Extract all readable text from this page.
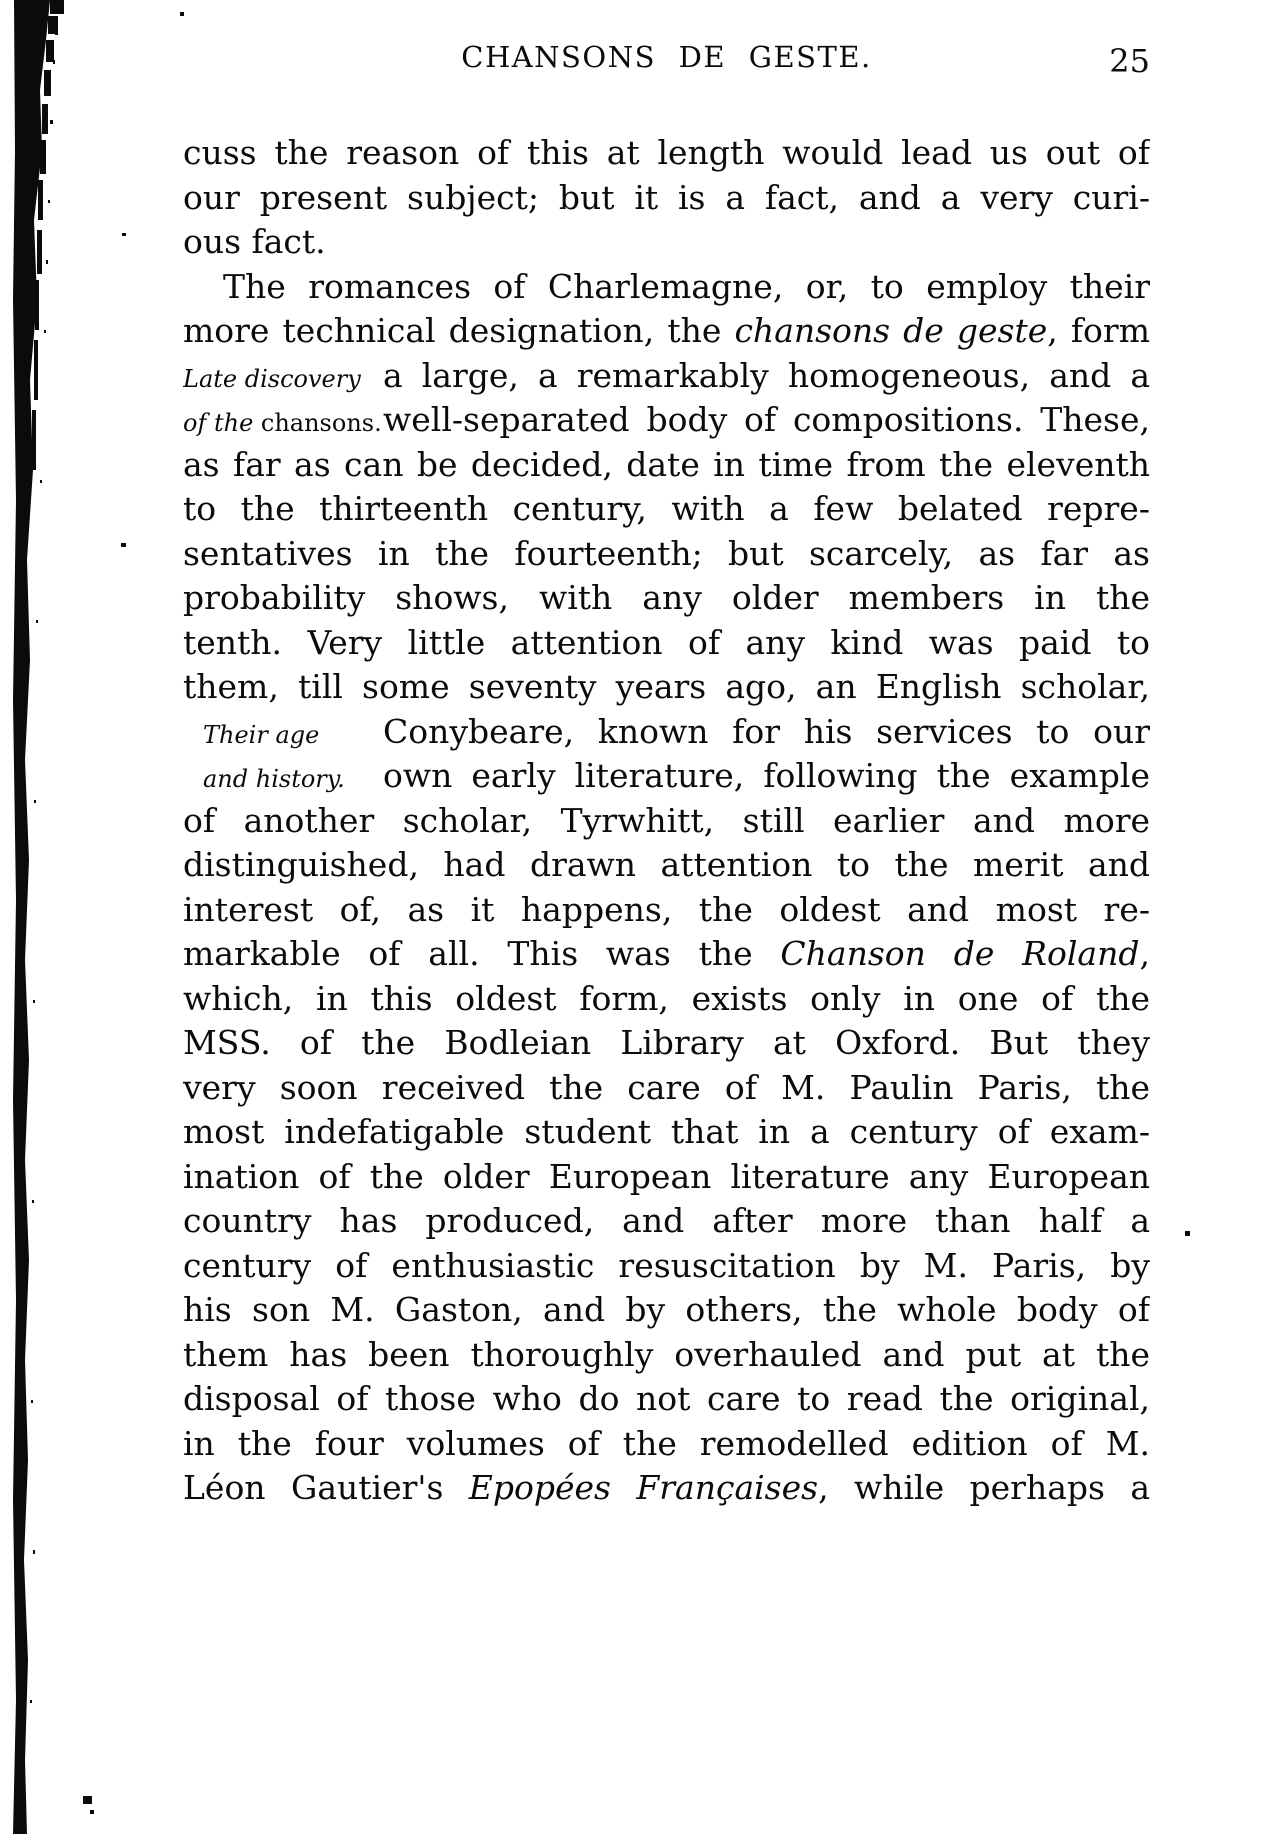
CHANSONS DE GESTE.	25
cuss the reason of this at length would lead us out of
our present subject; but it is a fact, and a very curi-
ous fact.
The romances of Charlemagne, or, to employ their
more technical designation, the chansons de geste, form
Late discovery a large, a remarkably homogeneous, and a
of the chansons. well-separated body of compositions. These,
as far as can be decided, date in time from the eleventh
to the thirteenth century, with a few belated repre-
sentatives in the fourteenth; but scarcely, as far as
probability shows, with any older members in the
tenth. Very little attention of any kind was paid to
them, till some seventy years ago, an English scholar,
Their age	Conybeare, known for his services to our
and history.	own early literature, following the example
of another scholar, Tyrwhitt, still earlier and more
distinguished, had drawn attention to the merit and
interest of, as it happens, the oldest and most re-
markable of all. This was the Chanson de Roland,
which, in this oldest form, exists only in one of the
MSS. of the Bodleian Library at Oxford. But they
very soon received the care of M. Paulin Paris, the
most indefatigable student that in a century of exam-
ination of the older European literature any European
country has produced, and after more than half a
century of enthusiastic resuscitation by M. Paris, by
his son M. Gaston, and by others, the whole body of
them has been thoroughly overhauled and put at the
disposal of those who do not care to read the original,
in the four volumes of the remodelled edition of M.
Léon Gautier's Epopées Françaises, while perhaps a
